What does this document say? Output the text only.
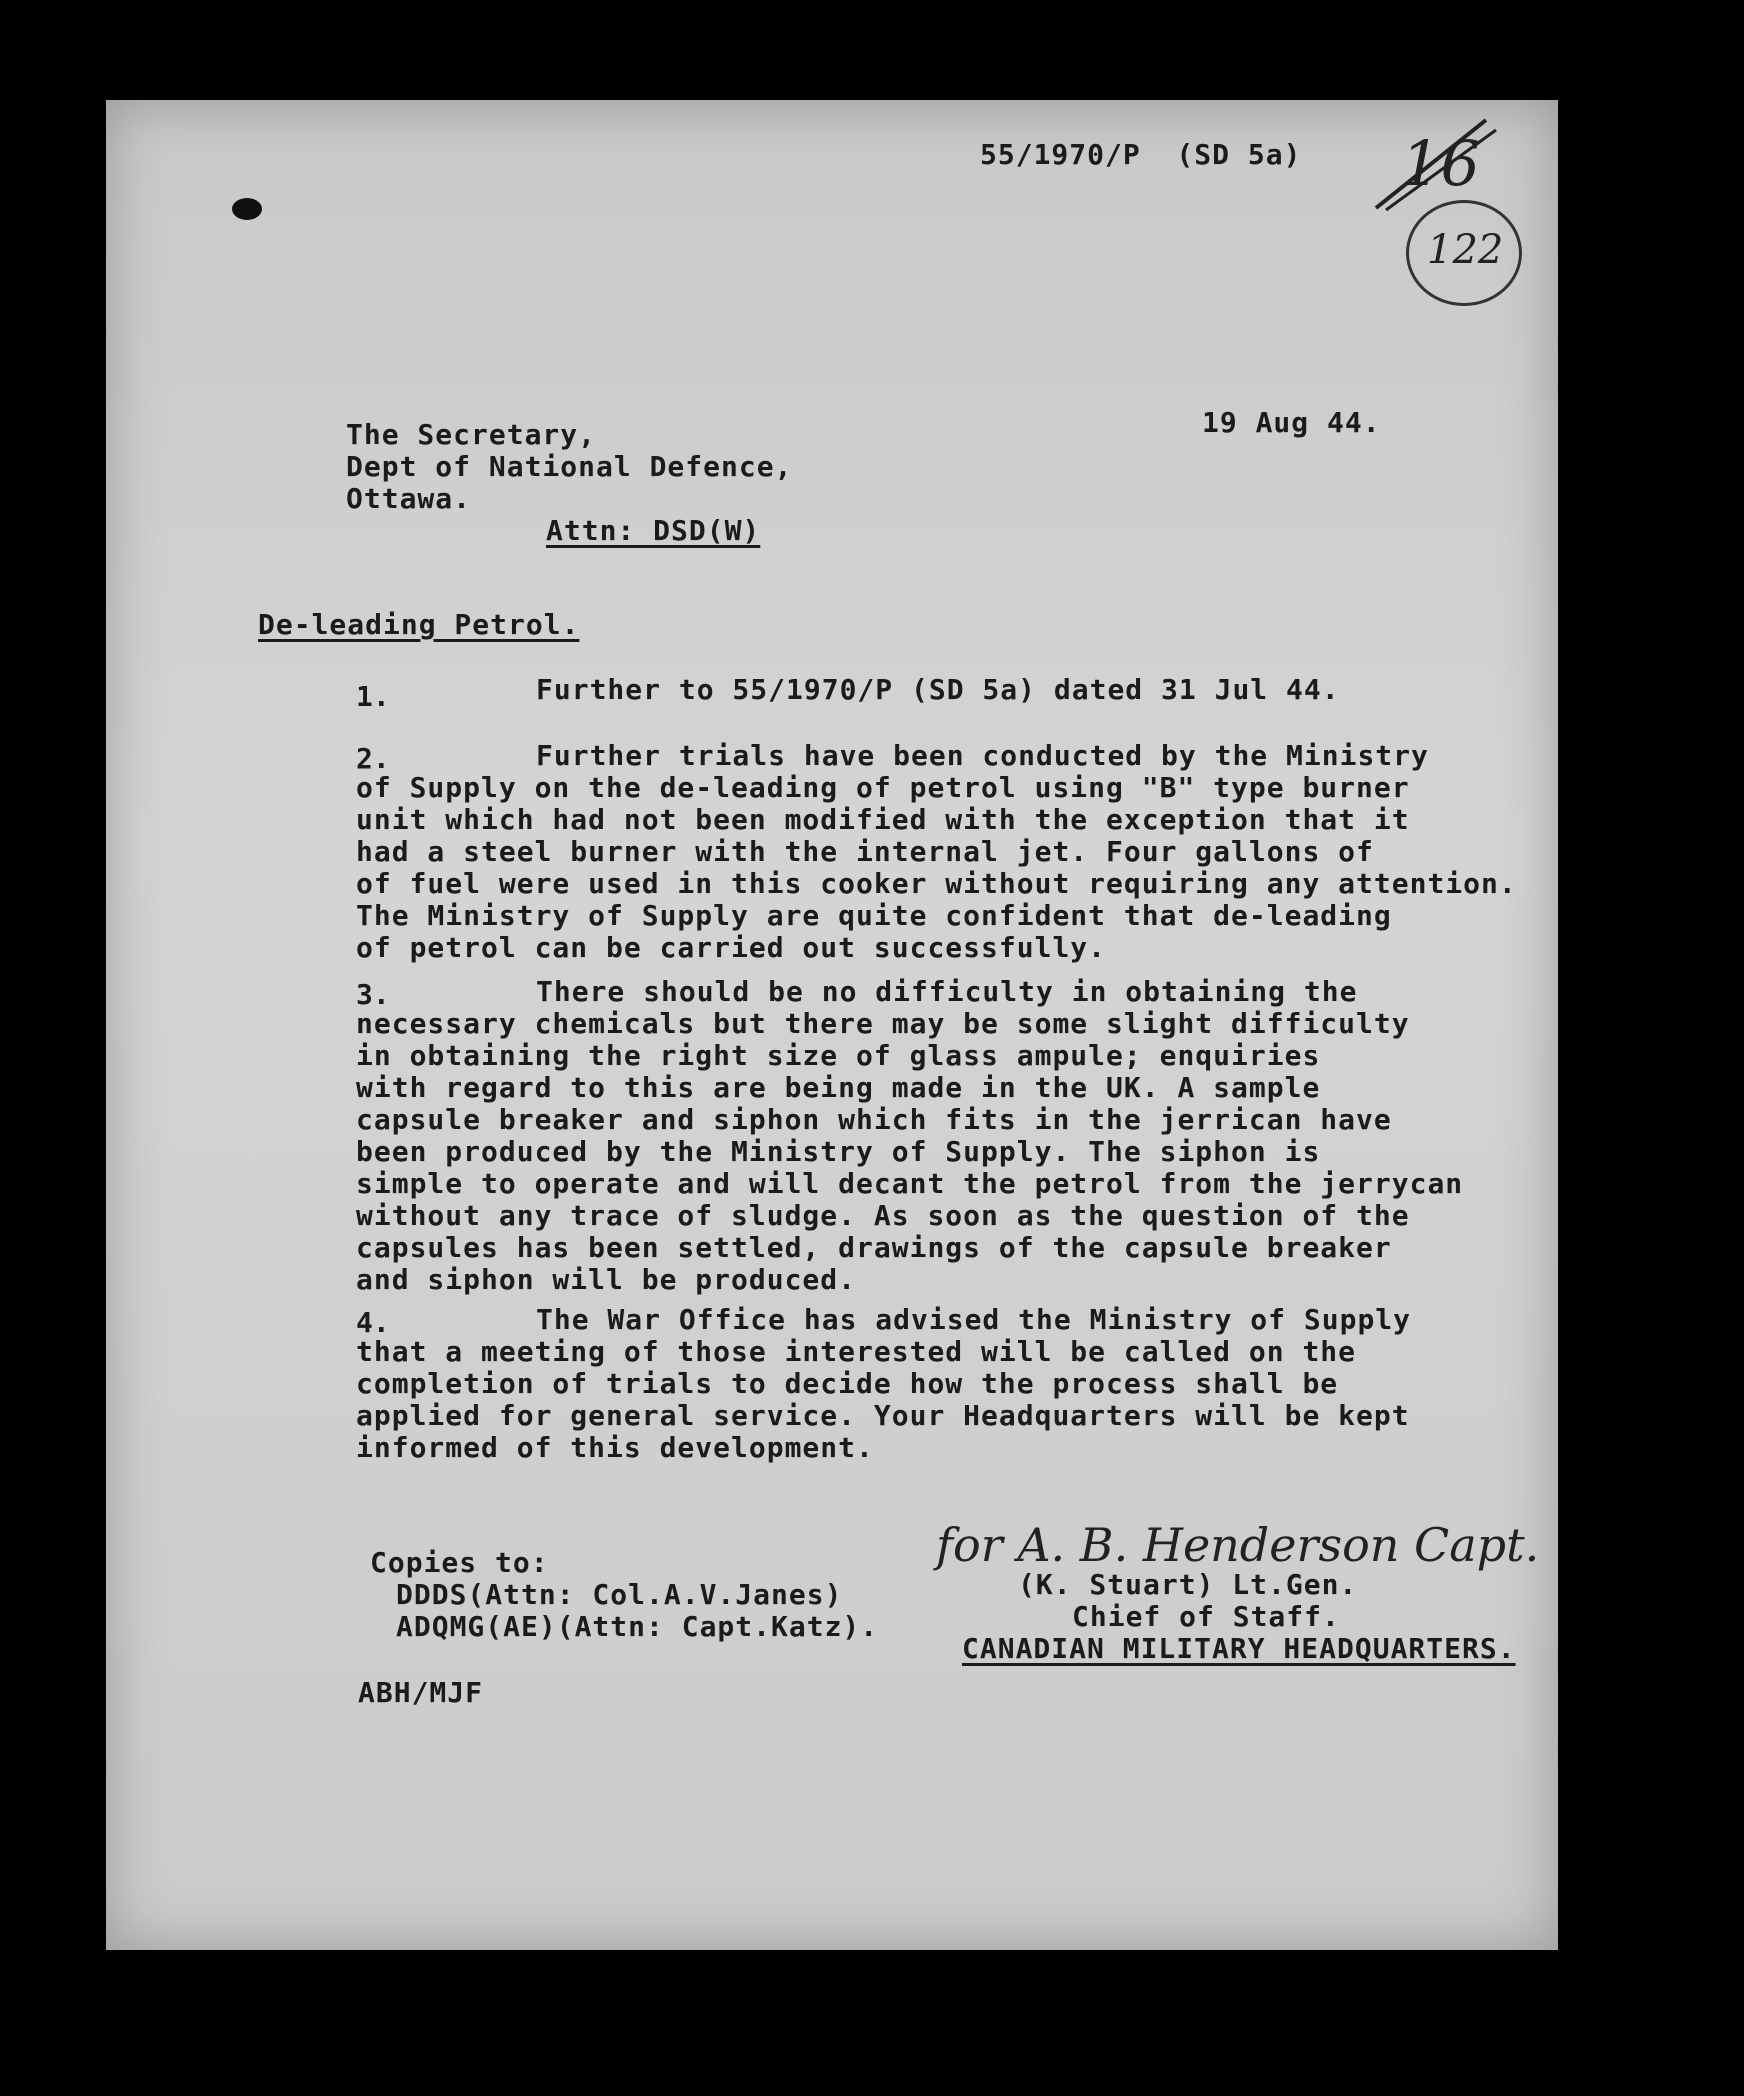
55/1970/P  (SD 5a) 16
122

19 Aug 44.

The Secretary,

Dept of National Defence,

Ottawa.

Attn: DSD(W)

De-leading Petrol.

1.	Further to 55/1970/P (SD 5a) dated 31 Jul 44.

2.	Further trials have been conducted by the Ministry
of Supply on the de-leading of petrol using "B" type burner
unit which had not been modified with the exception that it
had a steel burner with the internal jet. Four gallons of
of fuel were used in this cooker without requiring any attention.
The Ministry of Supply are quite confident that de-leading
of petrol can be carried out successfully.

3.	There should be no difficulty in obtaining the
necessary chemicals but there may be some slight difficulty
in obtaining the right size of glass ampule; enquiries
with regard to this are being made in the UK. A sample
capsule breaker and siphon which fits in the jerrican have
been produced by the Ministry of Supply. The siphon is
simple to operate and will decant the petrol from the jerrycan
without any trace of sludge. As soon as the question of the
capsules has been settled, drawings of the capsule breaker
and siphon will be produced.

4.	The War Office has advised the Ministry of Supply
that a meeting of those interested will be called on the
completion of trials to decide how the process shall be
applied for general service. Your Headquarters will be kept
informed of this development.

Copies to:

DDDS(Attn: Col.A.V.Janes)

ADQMG(AE)(Attn: Capt.Katz).

for A. B. Henderson Capt.

(K. Stuart) Lt.Gen.

Chief of Staff.

CANADIAN MILITARY HEADQUARTERS.

ABH/MJF
